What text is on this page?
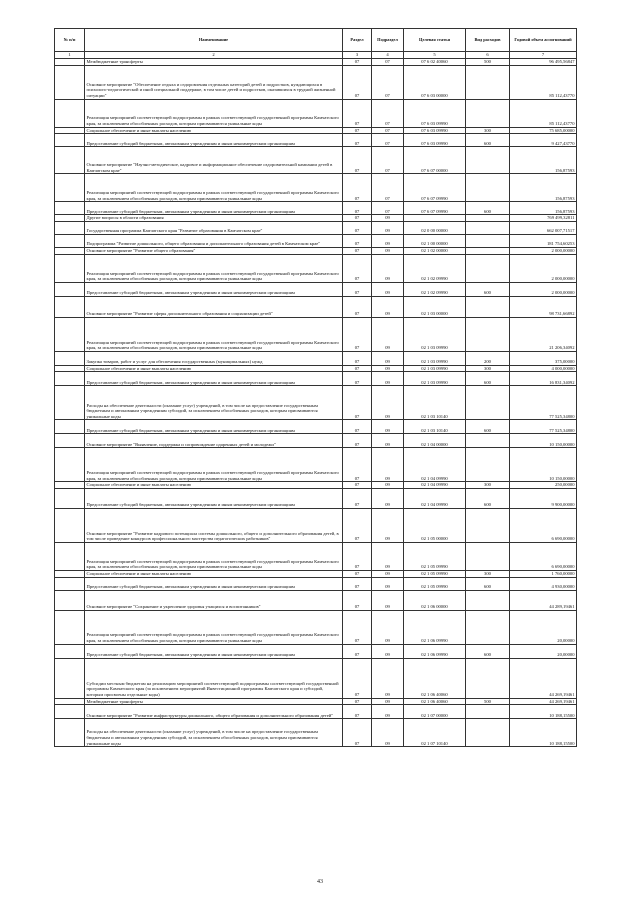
№ п/п	Наименование	Раздел	Подраздел	Целевая статья	Вид расходов	Годовой объем ассигнований
1	2	3	4	5	6	7
	Межбюджетные трансферты	07	07	07 6 02 40060	500	96 495,56847
	Основное мероприятие "Обеспечение отдыха и оздоровления отдельных категорий детей и подростков, нуждающихся в психолого-педагогической и иной специальной поддержке, в том числе детей и подростков, оказавшихся в трудной жизненной ситуации"	07	07	07 6 03 00000		85 112,43770
	Реализация мероприятий соответствующей подпрограммы в рамках соответствующей государственной программы Камчатского края, за исключением обособленных расходов, которым присваиваются уникальные коды	07	07	07 6 03 09990		85 112,43770
	Социальное обеспечение и иные выплаты населению	07	07	07 6 03 09990	300	75 685,00000
	Предоставление субсидий бюджетным, автономным учреждениям и иным некоммерческим организациям	07	07	07 6 03 09990	600	9 427,43770
	Основное мероприятие "Научно-методическое, кадровое и информационное обеспечение оздоровительной кампании детей в Камчатском крае"	07	07	07 6 07 00000		156,87593
	Реализация мероприятий соответствующей подпрограммы в рамках соответствующей государственной программы Камчатского края, за исключением обособленных расходов, которым присваиваются уникальные коды	07	07	07 6 07 09990		156,87593
	Предоставление субсидий бюджетным, автономным учреждениям и иным некоммерческим организациям	07	07	07 6 07 09990	600	156,87593
	Другие вопросы в области образования	07	09			769 499,32811
	Государственная программа Камчатского края "Развитие образования в Камчатском крае"	07	09	02 0 00 00000		662 007,71517
	Подпрограмма "Развитие дошкольного, общего образования и дополнительного образования детей в Камчатском крае"	07	09	02 1 00 00000		181 754,60253
	Основное мероприятие "Развитие общего образования"	07	09	02 1 02 00000		2 000,00000
	Реализация мероприятий соответствующей подпрограммы в рамках соответствующей государственной программы Камчатского края, за исключением обособленных расходов, которым присваиваются уникальные коды	07	09	02 1 02 09990		2 000,00000
	Предоставление субсидий бюджетным, автономным учреждениям и иным некоммерческим организациям	07	09	02 1 02 09990	600	2 000,00000
	Основное мероприятие "Развитие сферы дополнительного образования и социализации детей"	07	09	02 1 03 00000		98 731,66892
	Реализация мероприятий соответствующей подпрограммы в рамках соответствующей государственной программы Камчатского края, за исключением обособленных расходов, которым присваиваются уникальные коды	07	09	02 1 03 09990		21 206,34092
	Закупка товаров, работ и услуг для обеспечения государственных (муниципальных) нужд	07	09	02 1 03 09990	200	375,00000
	Социальное обеспечение и иные выплаты населению	07	09	02 1 03 09990	300	4 000,00000
	Предоставление субсидий бюджетным, автономным учреждениям и иным некоммерческим организациям	07	09	02 1 03 09990	600	16 831,34092
	Расходы на обеспечение деятельности (оказание услуг) учреждений, в том числе на предоставление государственным бюджетным и автономным учреждениям субсидий, за исключением обособленных расходов, которым присваиваются уникальные коды	07	09	02 1 03 10140		77 525,34800
	Предоставление субсидий бюджетным, автономным учреждениям и иным некоммерческим организациям	07	09	02 1 03 10140	600	77 525,34800
	Основное мероприятие "Выявление, поддержка и сопровождение одаренных детей и молодежи"	07	09	02 1 04 00000		10 150,00000
	Реализация мероприятий соответствующей подпрограммы в рамках соответствующей государственной программы Камчатского края, за исключением обособленных расходов, которым присваиваются уникальные коды	07	09	02 1 04 09990		10 150,00000
	Социальное обеспечение и иные выплаты населению	07	09	02 1 04 09990	300	250,00000
	Предоставление субсидий бюджетным, автономным учреждениям и иным некоммерческим организациям	07	09	02 1 04 09990	600	9 900,00000
	Основное мероприятие "Развитие кадрового потенциала системы дошкольного, общего и дополнительного образования детей, в том числе проведение конкурсов профессионального мастерства педагогических работников"	07	09	02 1 05 00000		6 690,00000
	Реализация мероприятий соответствующей подпрограммы в рамках соответствующей государственной программы Камчатского края, за исключением обособленных расходов, которым присваиваются уникальные коды	07	09	02 1 05 09990		6 690,00000
	Социальное обеспечение и иные выплаты населению	07	09	02 1 05 09990	300	1 760,00000
	Предоставление субсидий бюджетным, автономным учреждениям и иным некоммерческим организациям	07	09	02 1 05 09990	600	4 930,00000
	Основное мероприятие "Сохранение и укрепление здоровья учащихся и воспитанников"	07	09	02 1 06 00000		44 289,19461
	Реализация мероприятий соответствующей подпрограммы в рамках соответствующей государственной программы Камчатского края, за исключением обособленных расходов, которым присваиваются уникальные коды	07	09	02 1 06 09990		20,00000
	Предоставление субсидий бюджетным, автономным учреждениям и иным некоммерческим организациям	07	09	02 1 06 09990	600	20,00000
	Субсидии местным бюджетам на реализацию мероприятий соответствующей подпрограммы соответствующей государственной программы Камчатского края (за исключением мероприятий Инвестиционной программы Камчатского края и субсидий, которым присвоены отдельные коды)	07	09	02 1 06 40060		44 269,19461
	Межбюджетные трансферты	07	09	02 1 06 40060	500	44 269,19461
	Основное мероприятие "Развитие инфраструктуры дошкольного, общего образования и дополнительного образования детей"	07	09	02 1 07 00000		10 188,15500
	Расходы на обеспечение деятельности (оказание услуг) учреждений, в том числе на предоставление государственным бюджетным и автономным учреждениям субсидий, за исключением обособленных расходов, которым присваиваются уникальные коды	07	09	02 1 07 10140		10 188,15500
43
